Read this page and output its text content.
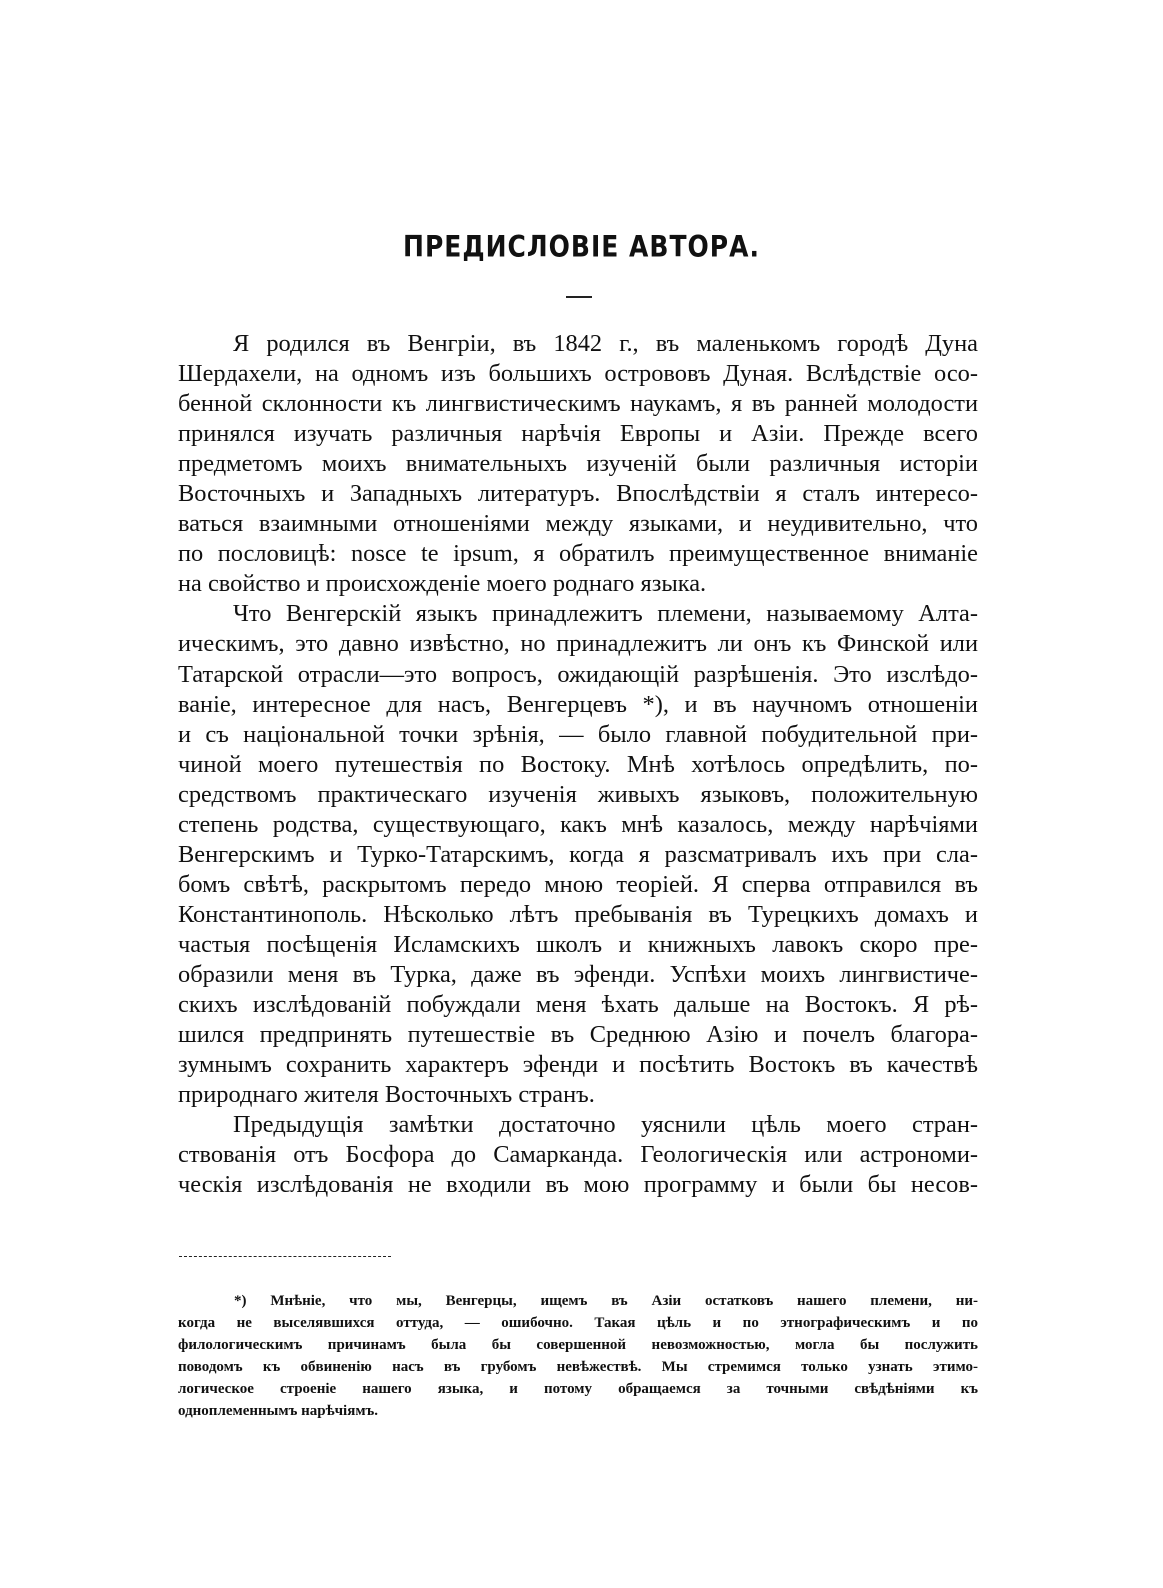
ПРЕДИСЛОВІЕ АВТОРА.
Я родился въ Венгріи, въ 1842 г., въ маленькомъ городѣ Дуна
Шердахели, на одномъ изъ большихъ острововъ Дуная. Вслѣдствіе осо-
бенной склонности къ лингвистическимъ наукамъ, я въ ранней молодости
принялся изучать различныя нарѣчія Европы и Азіи. Прежде всего
предметомъ моихъ внимательныхъ изученій были различныя исторіи
Восточныхъ и Западныхъ литературъ. Впослѣдствіи я сталъ интересо-
ваться взаимными отношеніями между языками, и неудивительно, что
по пословицѣ: nosce te ipsum, я обратилъ преимущественное вниманіе
на свойство и происхожденіе моего роднаго языка.
Что Венгерскій языкъ принадлежитъ племени, называемому Алта-
ическимъ, это давно извѣстно, но принадлежитъ ли онъ къ Финской или
Татарской отрасли—это вопросъ, ожидающій разрѣшенія. Это изслѣдо-
ваніе, интересное для насъ, Венгерцевъ *), и въ научномъ отношеніи
и съ національной точки зрѣнія, — было главной побудительной при-
чиной моего путешествія по Востоку. Мнѣ хотѣлось опредѣлить, по-
средствомъ практическаго изученія живыхъ языковъ, положительную
степень родства, существующаго, какъ мнѣ казалось, между нарѣчіями
Венгерскимъ и Турко-Татарскимъ, когда я разсматривалъ ихъ при сла-
бомъ свѣтѣ, раскрытомъ передо мною теоріей. Я сперва отправился въ
Константинополь. Нѣсколько лѣтъ пребыванія въ Турецкихъ домахъ и
частыя посѣщенія Исламскихъ школъ и книжныхъ лавокъ скоро пре-
образили меня въ Турка, даже въ эфенди. Успѣхи моихъ лингвистиче-
скихъ изслѣдованій побуждали меня ѣхать дальше на Востокъ. Я рѣ-
шился предпринять путешествіе въ Среднюю Азію и почелъ благора-
зумнымъ сохранить характеръ эфенди и посѣтить Востокъ въ качествѣ
природнаго жителя Восточныхъ странъ.
Предыдущія замѣтки достаточно уяснили цѣль моего стран-
ствованія отъ Босфора до Самарканда. Геологическія или астрономи-
ческія изслѣдованія не входили въ мою программу и были бы несов-
*) Мнѣніе, что мы, Венгерцы, ищемъ въ Азіи остатковъ нашего племени, ни-
когда не выселявшихся оттуда, — ошибочно. Такая цѣль и по этнографическимъ и по
филологическимъ причинамъ была бы совершенной невозможностью, могла бы послужить
поводомъ къ обвиненію насъ въ грубомъ невѣжествѣ. Мы стремимся только узнать этимо-
логическое строеніе нашего языка, и потому обращаемся за точными свѣдѣніями къ
одноплеменнымъ нарѣчіямъ.
